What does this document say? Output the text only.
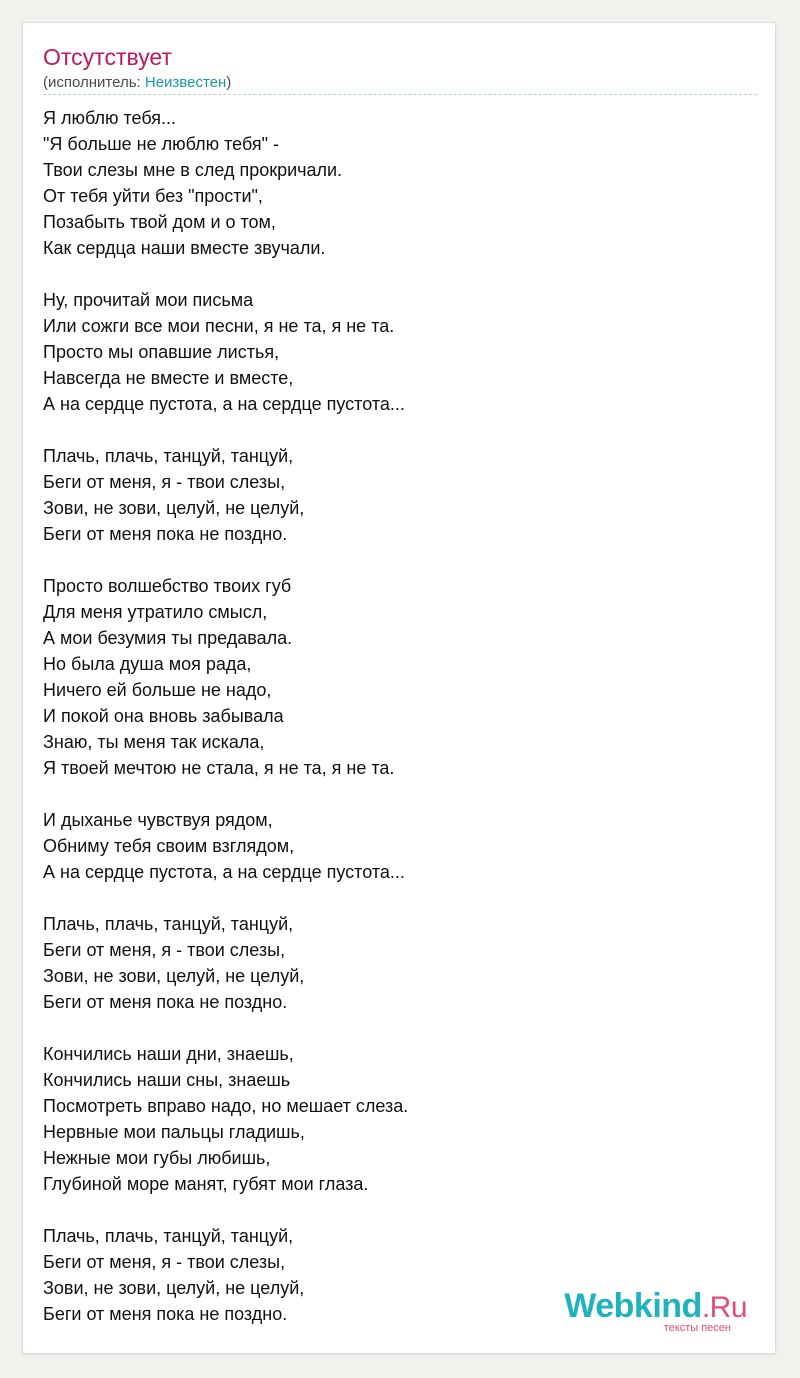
Отсутствует
(исполнитель: Неизвестен)
Я люблю тебя...
"Я больше не люблю тебя" -
Твои слезы мне в след прокричали.
От тебя уйти без "прости",
Позабыть твой дом и о том,
Как сердца наши вместе звучали.
Ну, прочитай мои письма
Или сожги все мои песни, я не та, я не та.
Просто мы опавшие листья,
Навсегда не вместе и вместе,
А на сердце пустота, а на сердце пустота...
Плачь, плачь, танцуй, танцуй,
Беги от меня, я - твои слезы,
Зови, не зови, целуй, не целуй,
Беги от меня пока не поздно.
Просто волшебство твоих губ
Для меня утратило смысл,
А мои безумия ты предавала.
Но была душа моя рада,
Ничего ей больше не надо,
И покой она вновь забывала
Знаю, ты меня так искала,
Я твоей мечтою не стала, я не та, я не та.
И дыханье чувствуя рядом,
Обниму тебя своим взглядом,
А на сердце пустота, а на сердце пустота...
Плачь, плачь, танцуй, танцуй,
Беги от меня, я - твои слезы,
Зови, не зови, целуй, не целуй,
Беги от меня пока не поздно.
Кончились наши дни, знаешь,
Кончились наши сны, знаешь
Посмотреть вправо надо, но мешает слеза.
Нервные мои пальцы гладишь,
Нежные мои губы любишь,
Глубиной море манят, губят мои глаза.
Плачь, плачь, танцуй, танцуй,
Беги от меня, я - твои слезы,
Зови, не зови, целуй, не целуй,
Беги от меня пока не поздно.	Webkind.Ru
тексты песен
